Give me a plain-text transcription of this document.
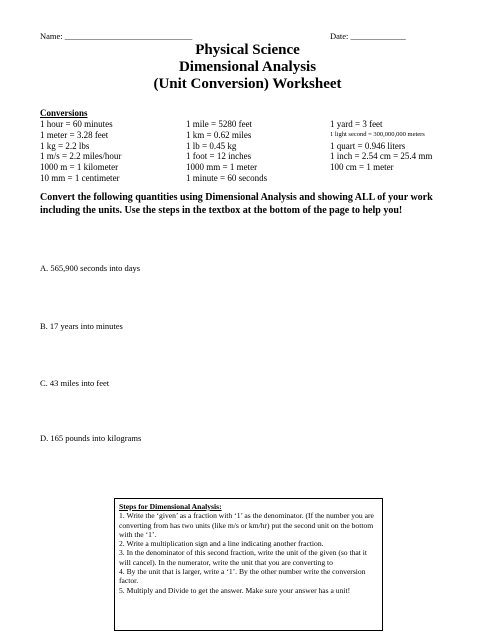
Name: ______________________________	Date: _____________
Physical Science
Dimensional Analysis
(Unit Conversion) Worksheet
Conversions
1 hour = 60 minutes
1 meter = 3.28 feet
1 kg = 2.2 lbs
1 m/s = 2.2 miles/hour
1000 m = 1 kilometer
10 mm = 1 centimeter
1 mile = 5280 feet
1 km = 0.62 miles
1 lb = 0.45 kg
1 foot = 12 inches
1000 mm = 1 meter
1 minute = 60 seconds
1 yard = 3 feet
1 light second = 300,000,000 meters
1 quart = 0.946 liters
1 inch = 2.54 cm = 25.4 mm
100 cm = 1 meter
Convert the following quantities using Dimensional Analysis and showing ALL of your work including the units. Use the steps in the textbox at the bottom of the page to help you!
A. 565,900 seconds into days
B. 17 years into minutes
C. 43 miles into feet
D. 165 pounds into kilograms
Steps for Dimensional Analysis:
1. Write the ‘given’ as a fraction with ‘1’ as the denominator. (If the number you are converting from has two units (like m/s or km/hr) put the second unit on the bottom with the ‘1’.
2. Write a multiplication sign and a line indicating another fraction.
3. In the denominator of this second fraction, write the unit of the given (so that it will cancel). In the numerator, write the unit that you are converting to
4. By the unit that is larger, write a ‘1’. By the other number write the conversion factor.
5. Multiply and Divide to get the answer. Make sure your answer has a unit!
